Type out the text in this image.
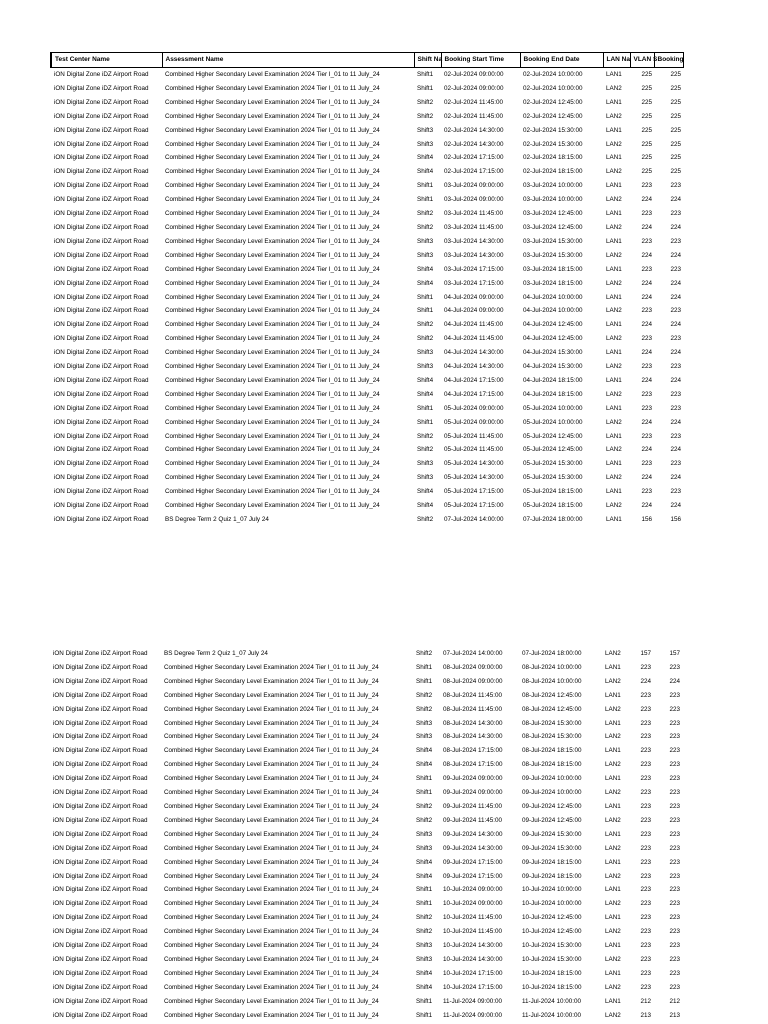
Test Center Name	Assessment Name	Shift Na	Booking Start Time	Booking End Date	LAN Na	VLAN S	Booking
iON Digital Zone iDZ Airport Road	Combined Higher Secondary Level Examination 2024 Tier I_01 to 11 July_24	Shift1	02-Jul-2024 09:00:00	02-Jul-2024 10:00:00	LAN1	225	225
iON Digital Zone iDZ Airport Road	Combined Higher Secondary Level Examination 2024 Tier I_01 to 11 July_24	Shift1	02-Jul-2024 09:00:00	02-Jul-2024 10:00:00	LAN2	225	225
iON Digital Zone iDZ Airport Road	Combined Higher Secondary Level Examination 2024 Tier I_01 to 11 July_24	Shift2	02-Jul-2024 11:45:00	02-Jul-2024 12:45:00	LAN1	225	225
iON Digital Zone iDZ Airport Road	Combined Higher Secondary Level Examination 2024 Tier I_01 to 11 July_24	Shift2	02-Jul-2024 11:45:00	02-Jul-2024 12:45:00	LAN2	225	225
iON Digital Zone iDZ Airport Road	Combined Higher Secondary Level Examination 2024 Tier I_01 to 11 July_24	Shift3	02-Jul-2024 14:30:00	02-Jul-2024 15:30:00	LAN1	225	225
iON Digital Zone iDZ Airport Road	Combined Higher Secondary Level Examination 2024 Tier I_01 to 11 July_24	Shift3	02-Jul-2024 14:30:00	02-Jul-2024 15:30:00	LAN2	225	225
iON Digital Zone iDZ Airport Road	Combined Higher Secondary Level Examination 2024 Tier I_01 to 11 July_24	Shift4	02-Jul-2024 17:15:00	02-Jul-2024 18:15:00	LAN1	225	225
iON Digital Zone iDZ Airport Road	Combined Higher Secondary Level Examination 2024 Tier I_01 to 11 July_24	Shift4	02-Jul-2024 17:15:00	02-Jul-2024 18:15:00	LAN2	225	225
iON Digital Zone iDZ Airport Road	Combined Higher Secondary Level Examination 2024 Tier I_01 to 11 July_24	Shift1	03-Jul-2024 09:00:00	03-Jul-2024 10:00:00	LAN1	223	223
iON Digital Zone iDZ Airport Road	Combined Higher Secondary Level Examination 2024 Tier I_01 to 11 July_24	Shift1	03-Jul-2024 09:00:00	03-Jul-2024 10:00:00	LAN2	224	224
iON Digital Zone iDZ Airport Road	Combined Higher Secondary Level Examination 2024 Tier I_01 to 11 July_24	Shift2	03-Jul-2024 11:45:00	03-Jul-2024 12:45:00	LAN1	223	223
iON Digital Zone iDZ Airport Road	Combined Higher Secondary Level Examination 2024 Tier I_01 to 11 July_24	Shift2	03-Jul-2024 11:45:00	03-Jul-2024 12:45:00	LAN2	224	224
iON Digital Zone iDZ Airport Road	Combined Higher Secondary Level Examination 2024 Tier I_01 to 11 July_24	Shift3	03-Jul-2024 14:30:00	03-Jul-2024 15:30:00	LAN1	223	223
iON Digital Zone iDZ Airport Road	Combined Higher Secondary Level Examination 2024 Tier I_01 to 11 July_24	Shift3	03-Jul-2024 14:30:00	03-Jul-2024 15:30:00	LAN2	224	224
iON Digital Zone iDZ Airport Road	Combined Higher Secondary Level Examination 2024 Tier I_01 to 11 July_24	Shift4	03-Jul-2024 17:15:00	03-Jul-2024 18:15:00	LAN1	223	223
iON Digital Zone iDZ Airport Road	Combined Higher Secondary Level Examination 2024 Tier I_01 to 11 July_24	Shift4	03-Jul-2024 17:15:00	03-Jul-2024 18:15:00	LAN2	224	224
iON Digital Zone iDZ Airport Road	Combined Higher Secondary Level Examination 2024 Tier I_01 to 11 July_24	Shift1	04-Jul-2024 09:00:00	04-Jul-2024 10:00:00	LAN1	224	224
iON Digital Zone iDZ Airport Road	Combined Higher Secondary Level Examination 2024 Tier I_01 to 11 July_24	Shift1	04-Jul-2024 09:00:00	04-Jul-2024 10:00:00	LAN2	223	223
iON Digital Zone iDZ Airport Road	Combined Higher Secondary Level Examination 2024 Tier I_01 to 11 July_24	Shift2	04-Jul-2024 11:45:00	04-Jul-2024 12:45:00	LAN1	224	224
iON Digital Zone iDZ Airport Road	Combined Higher Secondary Level Examination 2024 Tier I_01 to 11 July_24	Shift2	04-Jul-2024 11:45:00	04-Jul-2024 12:45:00	LAN2	223	223
iON Digital Zone iDZ Airport Road	Combined Higher Secondary Level Examination 2024 Tier I_01 to 11 July_24	Shift3	04-Jul-2024 14:30:00	04-Jul-2024 15:30:00	LAN1	224	224
iON Digital Zone iDZ Airport Road	Combined Higher Secondary Level Examination 2024 Tier I_01 to 11 July_24	Shift3	04-Jul-2024 14:30:00	04-Jul-2024 15:30:00	LAN2	223	223
iON Digital Zone iDZ Airport Road	Combined Higher Secondary Level Examination 2024 Tier I_01 to 11 July_24	Shift4	04-Jul-2024 17:15:00	04-Jul-2024 18:15:00	LAN1	224	224
iON Digital Zone iDZ Airport Road	Combined Higher Secondary Level Examination 2024 Tier I_01 to 11 July_24	Shift4	04-Jul-2024 17:15:00	04-Jul-2024 18:15:00	LAN2	223	223
iON Digital Zone iDZ Airport Road	Combined Higher Secondary Level Examination 2024 Tier I_01 to 11 July_24	Shift1	05-Jul-2024 09:00:00	05-Jul-2024 10:00:00	LAN1	223	223
iON Digital Zone iDZ Airport Road	Combined Higher Secondary Level Examination 2024 Tier I_01 to 11 July_24	Shift1	05-Jul-2024 09:00:00	05-Jul-2024 10:00:00	LAN2	224	224
iON Digital Zone iDZ Airport Road	Combined Higher Secondary Level Examination 2024 Tier I_01 to 11 July_24	Shift2	05-Jul-2024 11:45:00	05-Jul-2024 12:45:00	LAN1	223	223
iON Digital Zone iDZ Airport Road	Combined Higher Secondary Level Examination 2024 Tier I_01 to 11 July_24	Shift2	05-Jul-2024 11:45:00	05-Jul-2024 12:45:00	LAN2	224	224
iON Digital Zone iDZ Airport Road	Combined Higher Secondary Level Examination 2024 Tier I_01 to 11 July_24	Shift3	05-Jul-2024 14:30:00	05-Jul-2024 15:30:00	LAN1	223	223
iON Digital Zone iDZ Airport Road	Combined Higher Secondary Level Examination 2024 Tier I_01 to 11 July_24	Shift3	05-Jul-2024 14:30:00	05-Jul-2024 15:30:00	LAN2	224	224
iON Digital Zone iDZ Airport Road	Combined Higher Secondary Level Examination 2024 Tier I_01 to 11 July_24	Shift4	05-Jul-2024 17:15:00	05-Jul-2024 18:15:00	LAN1	223	223
iON Digital Zone iDZ Airport Road	Combined Higher Secondary Level Examination 2024 Tier I_01 to 11 July_24	Shift4	05-Jul-2024 17:15:00	05-Jul-2024 18:15:00	LAN2	224	224
iON Digital Zone iDZ Airport Road	BS Degree Term 2 Quiz 1_07 July 24	Shift2	07-Jul-2024 14:00:00	07-Jul-2024 18:00:00	LAN1	156	156
iON Digital Zone iDZ Airport Road	BS Degree Term 2 Quiz 1_07 July 24	Shift2	07-Jul-2024 14:00:00	07-Jul-2024 18:00:00	LAN2	157	157
iON Digital Zone iDZ Airport Road	Combined Higher Secondary Level Examination 2024 Tier I_01 to 11 July_24	Shift1	08-Jul-2024 09:00:00	08-Jul-2024 10:00:00	LAN1	223	223
iON Digital Zone iDZ Airport Road	Combined Higher Secondary Level Examination 2024 Tier I_01 to 11 July_24	Shift1	08-Jul-2024 09:00:00	08-Jul-2024 10:00:00	LAN2	224	224
iON Digital Zone iDZ Airport Road	Combined Higher Secondary Level Examination 2024 Tier I_01 to 11 July_24	Shift2	08-Jul-2024 11:45:00	08-Jul-2024 12:45:00	LAN1	223	223
iON Digital Zone iDZ Airport Road	Combined Higher Secondary Level Examination 2024 Tier I_01 to 11 July_24	Shift2	08-Jul-2024 11:45:00	08-Jul-2024 12:45:00	LAN2	223	223
iON Digital Zone iDZ Airport Road	Combined Higher Secondary Level Examination 2024 Tier I_01 to 11 July_24	Shift3	08-Jul-2024 14:30:00	08-Jul-2024 15:30:00	LAN1	223	223
iON Digital Zone iDZ Airport Road	Combined Higher Secondary Level Examination 2024 Tier I_01 to 11 July_24	Shift3	08-Jul-2024 14:30:00	08-Jul-2024 15:30:00	LAN2	223	223
iON Digital Zone iDZ Airport Road	Combined Higher Secondary Level Examination 2024 Tier I_01 to 11 July_24	Shift4	08-Jul-2024 17:15:00	08-Jul-2024 18:15:00	LAN1	223	223
iON Digital Zone iDZ Airport Road	Combined Higher Secondary Level Examination 2024 Tier I_01 to 11 July_24	Shift4	08-Jul-2024 17:15:00	08-Jul-2024 18:15:00	LAN2	223	223
iON Digital Zone iDZ Airport Road	Combined Higher Secondary Level Examination 2024 Tier I_01 to 11 July_24	Shift1	09-Jul-2024 09:00:00	09-Jul-2024 10:00:00	LAN1	223	223
iON Digital Zone iDZ Airport Road	Combined Higher Secondary Level Examination 2024 Tier I_01 to 11 July_24	Shift1	09-Jul-2024 09:00:00	09-Jul-2024 10:00:00	LAN2	223	223
iON Digital Zone iDZ Airport Road	Combined Higher Secondary Level Examination 2024 Tier I_01 to 11 July_24	Shift2	09-Jul-2024 11:45:00	09-Jul-2024 12:45:00	LAN1	223	223
iON Digital Zone iDZ Airport Road	Combined Higher Secondary Level Examination 2024 Tier I_01 to 11 July_24	Shift2	09-Jul-2024 11:45:00	09-Jul-2024 12:45:00	LAN2	223	223
iON Digital Zone iDZ Airport Road	Combined Higher Secondary Level Examination 2024 Tier I_01 to 11 July_24	Shift3	09-Jul-2024 14:30:00	09-Jul-2024 15:30:00	LAN1	223	223
iON Digital Zone iDZ Airport Road	Combined Higher Secondary Level Examination 2024 Tier I_01 to 11 July_24	Shift3	09-Jul-2024 14:30:00	09-Jul-2024 15:30:00	LAN2	223	223
iON Digital Zone iDZ Airport Road	Combined Higher Secondary Level Examination 2024 Tier I_01 to 11 July_24	Shift4	09-Jul-2024 17:15:00	09-Jul-2024 18:15:00	LAN1	223	223
iON Digital Zone iDZ Airport Road	Combined Higher Secondary Level Examination 2024 Tier I_01 to 11 July_24	Shift4	09-Jul-2024 17:15:00	09-Jul-2024 18:15:00	LAN2	223	223
iON Digital Zone iDZ Airport Road	Combined Higher Secondary Level Examination 2024 Tier I_01 to 11 July_24	Shift1	10-Jul-2024 09:00:00	10-Jul-2024 10:00:00	LAN1	223	223
iON Digital Zone iDZ Airport Road	Combined Higher Secondary Level Examination 2024 Tier I_01 to 11 July_24	Shift1	10-Jul-2024 09:00:00	10-Jul-2024 10:00:00	LAN2	223	223
iON Digital Zone iDZ Airport Road	Combined Higher Secondary Level Examination 2024 Tier I_01 to 11 July_24	Shift2	10-Jul-2024 11:45:00	10-Jul-2024 12:45:00	LAN1	223	223
iON Digital Zone iDZ Airport Road	Combined Higher Secondary Level Examination 2024 Tier I_01 to 11 July_24	Shift2	10-Jul-2024 11:45:00	10-Jul-2024 12:45:00	LAN2	223	223
iON Digital Zone iDZ Airport Road	Combined Higher Secondary Level Examination 2024 Tier I_01 to 11 July_24	Shift3	10-Jul-2024 14:30:00	10-Jul-2024 15:30:00	LAN1	223	223
iON Digital Zone iDZ Airport Road	Combined Higher Secondary Level Examination 2024 Tier I_01 to 11 July_24	Shift3	10-Jul-2024 14:30:00	10-Jul-2024 15:30:00	LAN2	223	223
iON Digital Zone iDZ Airport Road	Combined Higher Secondary Level Examination 2024 Tier I_01 to 11 July_24	Shift4	10-Jul-2024 17:15:00	10-Jul-2024 18:15:00	LAN1	223	223
iON Digital Zone iDZ Airport Road	Combined Higher Secondary Level Examination 2024 Tier I_01 to 11 July_24	Shift4	10-Jul-2024 17:15:00	10-Jul-2024 18:15:00	LAN2	223	223
iON Digital Zone iDZ Airport Road	Combined Higher Secondary Level Examination 2024 Tier I_01 to 11 July_24	Shift1	11-Jul-2024 09:00:00	11-Jul-2024 10:00:00	LAN1	212	212
iON Digital Zone iDZ Airport Road	Combined Higher Secondary Level Examination 2024 Tier I_01 to 11 July_24	Shift1	11-Jul-2024 09:00:00	11-Jul-2024 10:00:00	LAN2	213	213
